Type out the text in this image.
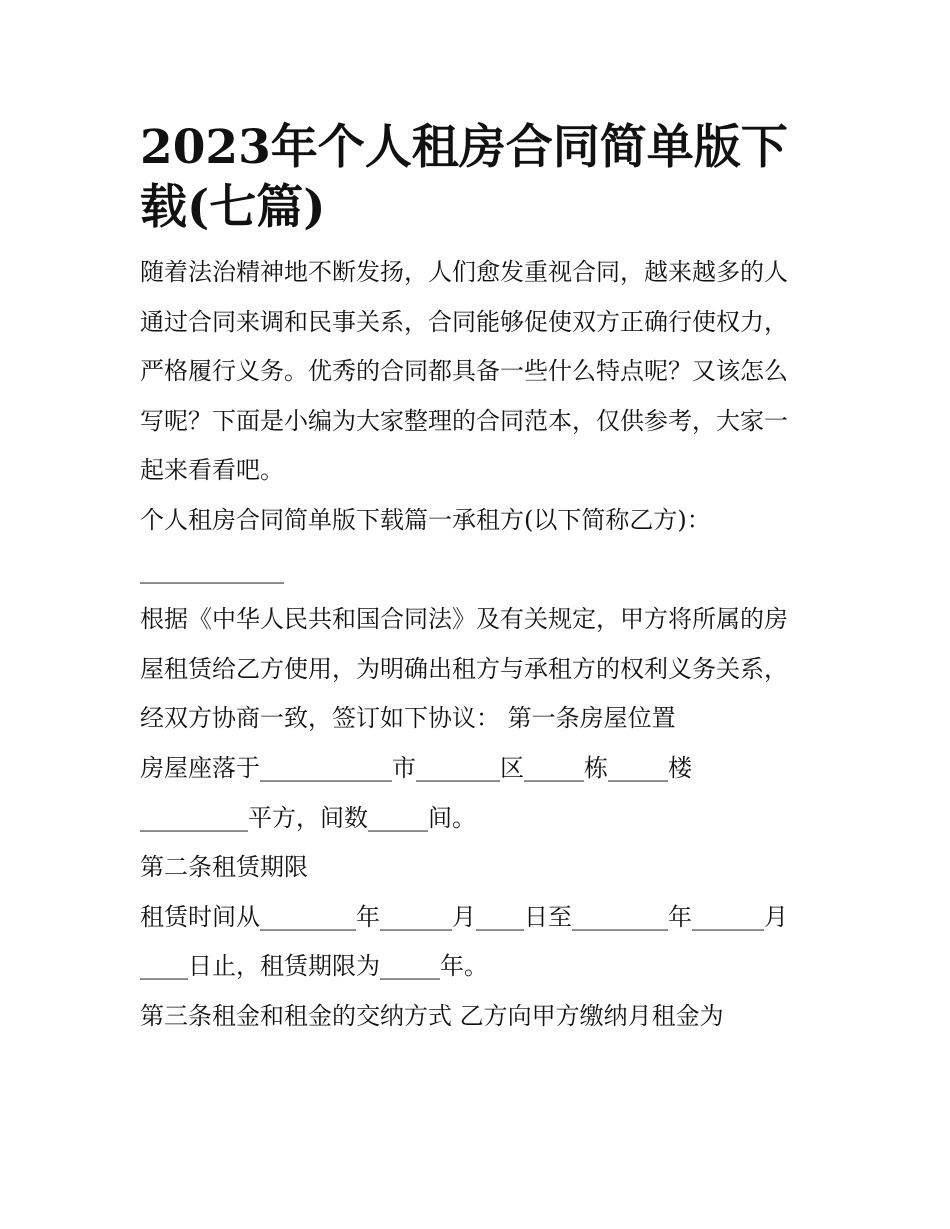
2023年个人租房合同简单版下
载(七篇)
随着法治精神地不断发扬，人们愈发重视合同，越来越多的人
通过合同来调和民事关系，合同能够促使双方正确行使权力，
严格履行义务。优秀的合同都具备一些什么特点呢？又该怎么
写呢？下面是小编为大家整理的合同范本，仅供参考，大家一
起来看看吧。
个人租房合同简单版下载篇一承租方(以下简称乙方)：
____________
根据《中华人民共和国合同法》及有关规定，甲方将所属的房
屋租赁给乙方使用，为明确出租方与承租方的权利义务关系，
经双方协商一致，签订如下协议： 第一条房屋位置
房屋座落于___________市_______区_____栋_____楼
_________平方，间数_____间。
第二条租赁期限
租赁时间从________年______月____日至________年______月
____日止，租赁期限为_____年。
第三条租金和租金的交纳方式 乙方向甲方缴纳月租金为
